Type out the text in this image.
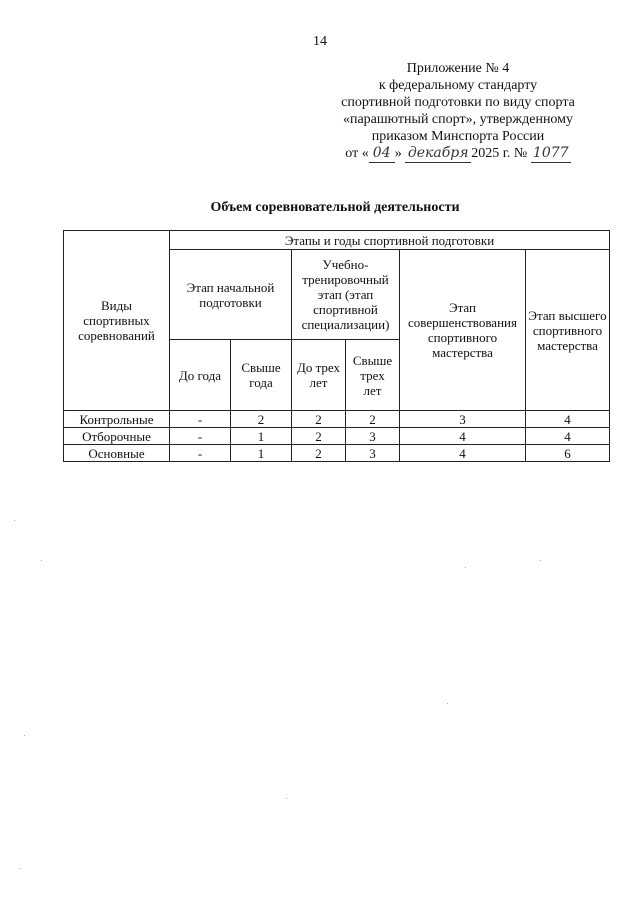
14
Приложение № 4
к федеральному стандарту
спортивной подготовки по виду спорта
«парашютный спорт», утвержденному
приказом Минспорта России
от « 04 » декабря 2025 г. № 1077
Объем соревновательной деятельности
Виды спортивных соревнований	Этапы и годы спортивной подготовки					
	Этап начальной подготовки		Учебно-тренировочный этап (этап спортивной специализации)		Этап совершенствования спортивного мастерства	Этап высшего спортивного мастерства
	До года	Свыше года	До трех лет	Свыше трех лет		
Контрольные	-	2	2	2	3	4
Отборочные	-	1	2	3	4	4
Основные	-	1	2	3	4	6
